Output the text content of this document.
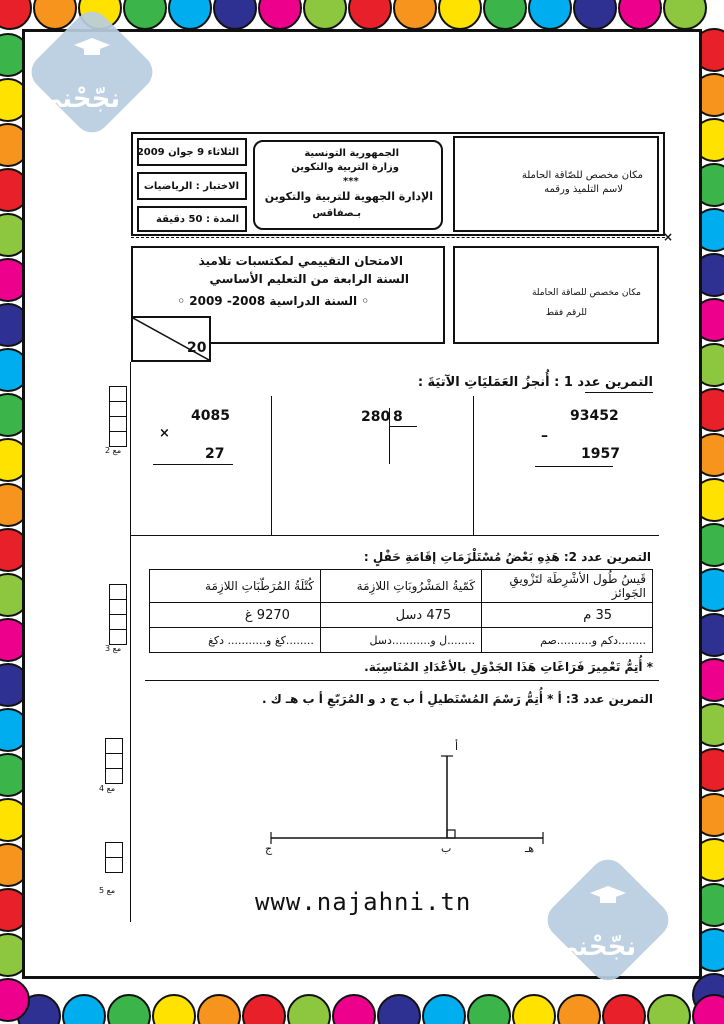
الثلاثاء 9 جوان 2009
الاختبار : الرياضيات
المدة : 50 دقيقة
الجمهورية التونسية
وزارة التربية والتكوين
***
الإدارة الجهوية للتربية والتكوين
بـصفاقس
مكان مخصص للصّاقة الحاملة
لاسم التلميذ ورقمه
×
الامتحان التقييمي لمكتسبات تلاميذ
السنة الرابعة من التعليم الأساسي
◦ السنة الدراسية 2008- 2009 ◦
مكان مخصص للصاقة الحاملة
للرقم فقط
20
التمرين عدد 1 : أُنجزُ العَمَليَاتِ الآتيَةَ :
93452
–
1957
280 8
4085
×
27
مع 2
التمرين عدد 2: هَذِهِ بَعْضُ مُسْتَلْزَمَاتِ إقَامَةِ حَفْلٍ :
قَيسُ طُول الأشْرِطَة لتَزْويقِ الجَوائز	كَمّيةُ المَشْرُوبَاتِ اللازِمَة	كُتْلَةُ المُرَطّبَاتِ اللازِمَة
35 م	475 دسل	9270 غ
........دكم و..........صم	........ل و...........دسل	........كغ و........... دكغ
* أُتِمُّ تَعْمِيرَ فَرَاغَاتِ هَذَا الجَدْوَلِ بالأعْدَادِ المُنَاسِبَة.
مع 3
التمرين عدد 3: أ * أُتِمُّ رَسْمَ المُسْتَطيلِ أ ب ج د و المُرَبّعِ أ ب هـ ك .
أ
ب
ج	هـ
مع 4
مع 5	www.najahni.tn
نجّحْني
نجّحْني
